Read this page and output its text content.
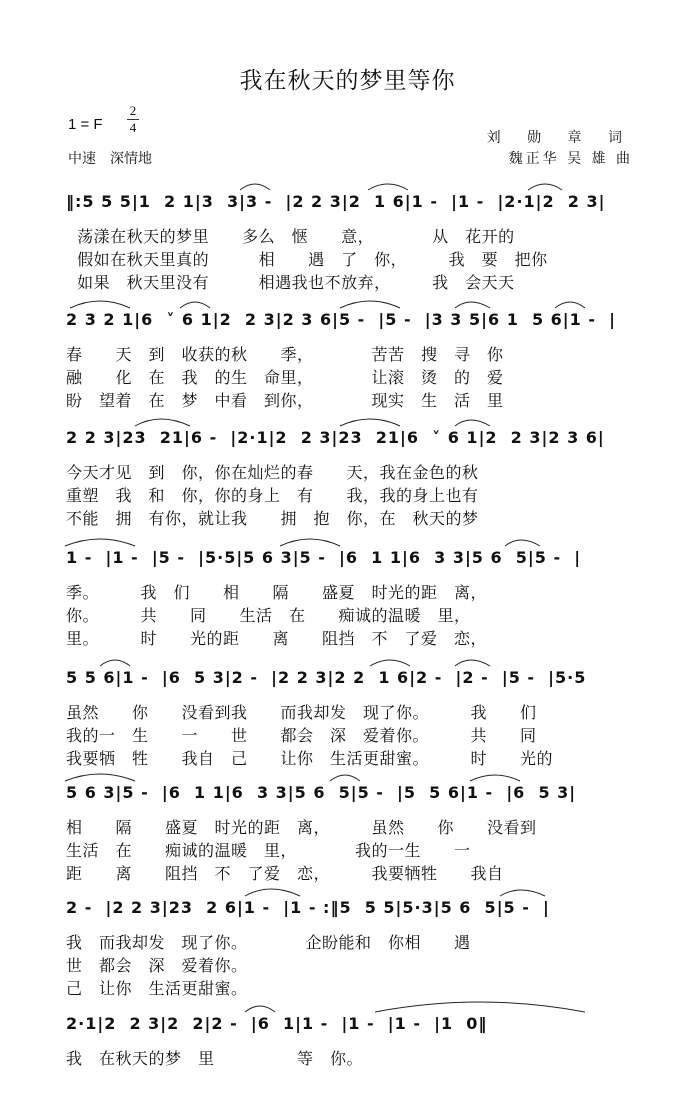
我在秋天的梦里等你
1 = F
2
4
中速　深情地
刘 勋 章 词
魏正华 吴 雄 曲
‖:5 5 5|1  2 1|3  3|3 -  |2 2 3|2  1 6|1 -  |1 -  |2·1|2  2 3|
荡漾在秋天的梦里　　多么　惬　　意，　　　　从　花开的
假如在秋天里真的　　　相　　遇　了　你，　　　我　要　把你
如果　秋天里没有　　　相遇我也不放弃，　　　我　会天天
2 3 2 1|6  ˅ 6 1|2  2 3|2 3 6|5 -  |5 -  |3 3 5|6 1  5 6|1 -  |
春　　天　到　收获的秋　　季，　　　　苦苦　搜　寻　你
融　　化　在　我　的生　命里，　　　　让滚　烫　的　爱
盼　望着　在　梦　中看　到你，　　　　现实　生　活　里
2 2 3|23  21|6 -  |2·1|2  2 3|23  21|6  ˅ 6 1|2  2 3|2 3 6|
今天才见　到　你，你在灿烂的春　　天，我在金色的秋
重塑　我　和　你，你的身上　有　　我，我的身上也有
不能　拥　有你，就让我　　拥　抱　你，在　秋天的梦
1 -  |1 -  |5 -  |5·5|5 6 3|5 -  |6  1 1|6  3 3|5 6  5|5 -  |
季。　　　我　们　　相　　隔　　盛夏　时光的距　离，
你。　　　共　　同　　生活　在　　痴诚的温暖　里，
里。　　　时　　光的距　　离　　阻挡　不　了爱　恋，
5 5 6|1 -  |6  5 3|2 -  |2 2 3|2 2  1 6|2 -  |2 -  |5 -  |5·5
虽然　　你　　没看到我　　而我却发　现了你。　　　我　　们
我的一　生　　一　　世　　都会　深　爱着你。　　　共　　同
我要牺　牲　　我自　己　　让你　生活更甜蜜。　　　时　　光的
5 6 3|5 -  |6  1 1|6  3 3|5 6  5|5 -  |5  5 6|1 -  |6  5 3|
相　　隔　　盛夏　时光的距　离，　　　虽然　　你　　没看到
生活　在　　痴诚的温暖　里，　　　　我的一生　　一
距　　离　　阻挡　不　了爱　恋，　　　我要牺牲　　我自
2 -  |2 2 3|23  2 6|1 -  |1 - :‖5  5 5|5·3|5 6  5|5 -  |
我　而我却发　现了你。　　　　企盼能和　你相　　遇
世　都会　深　爱着你。
己　让你　生活更甜蜜。
2·1|2  2 3|2  2|2 -  |6  1|1 -  |1 -  |1 -  |1  0‖
我　在秋天的梦　里　　　　　等　你。
